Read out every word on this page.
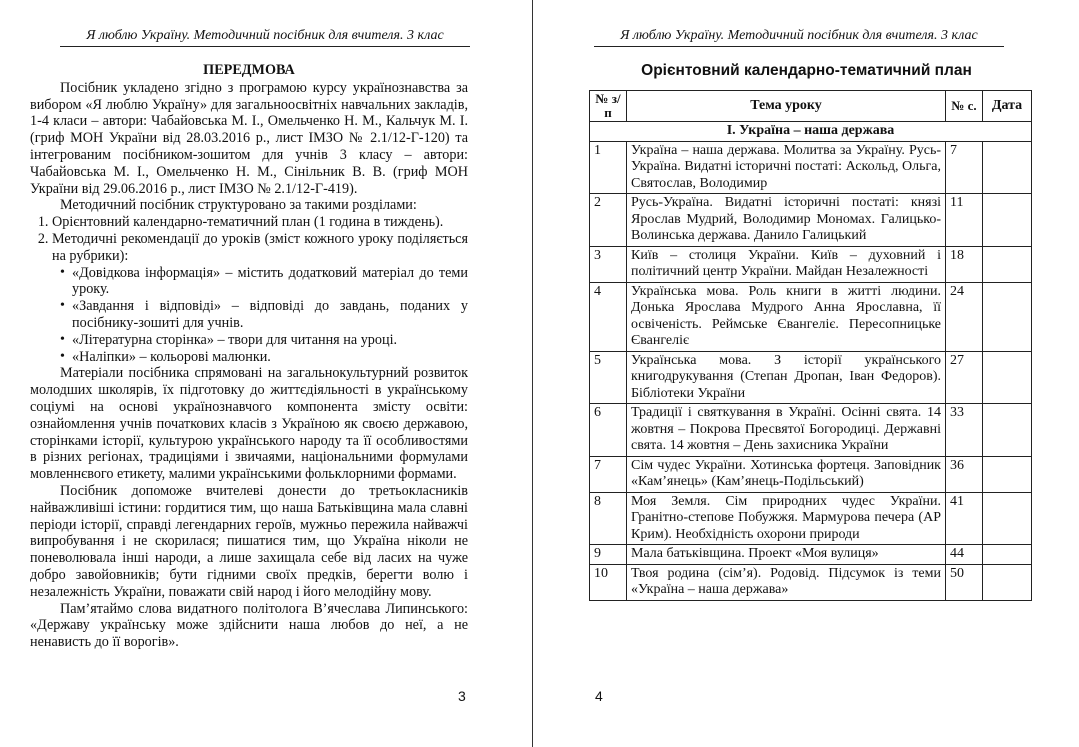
Я люблю Україну. Методичний посібник для вчителя. 3 клас

ПЕРЕДМОВА

Посібник укладено згідно з програмою курсу українознавства за вибором «Я люблю Україну» для загальноосвітніх навчальних закладів, 1-4 класи – автори: Чабайовська М. І., Омельченко Н. М., Кальчук М. І. (гриф МОН України від 28.03.2016 р., лист ІМЗО № 2.1/12-Г-120) та інтегрованим посібником-зошитом для учнів 3 класу – автори: Чабайовська М. І., Омельченко Н. М., Сінільник В. В. (гриф МОН України від 29.06.2016 р., лист ІМЗО № 2.1/12-Г-419).

Методичний посібник структуровано за такими розділами:

1. Орієнтовний календарно-тематичний план (1 година в тиждень).
2. Методичні рекомендації до уроків (зміст кожного уроку поділяється на рубрики):
• «Довідкова інформація» – містить додатковий матеріал до теми уроку.
• «Завдання і відповіді» – відповіді до завдань, поданих у посібнику-зошиті для учнів.
• «Літературна сторінка» – твори для читання на уроці.
• «Наліпки» – кольорові малюнки.

Матеріали посібника спрямовані на загальнокультурний розвиток молодших школярів, їх підготовку до життєдіяльності в українському соціумі на основі українознавчого компонента змісту освіти: ознайомлення учнів початкових класів з Україною як своєю державою, сторінками історії, культурою українського народу та її особливостями в різних регіонах, традиціями і звичаями, національними формулами мовленнєвого етикету, малими українськими фольклорними формами.

Посібник допоможе вчителеві донести до третьокласників найважливіші істини: гордитися тим, що наша Батьківщина мала славні періоди історії, справді легендарних героїв, мужньо пережила найважчі випробування і не скорилася; пишатися тим, що Україна ніколи не поневолювала інші народи, а лише захищала себе від ласих на чуже добро завойовників; бути гідними своїх предків, берегти волю і незалежність України, поважати свій народ і його мелодійну мову.

Пам’ятаймо слова видатного політолога В’ячеслава Липинського: «Державу українську може здійснити наша любов до неї, а не ненависть до її ворогів».

3
Я люблю Україну. Методичний посібник для вчителя. 3 клас
Орієнтовний календарно-тематичний план
№ з/п	Тема уроку	№ с.	Дата
І. Україна – наша держава			
1	Україна – наша держава. Молитва за Україну. Русь-Україна. Видатні історичні постаті: Аскольд, Ольга, Святослав, Володимир	7	
2	Русь-Україна. Видатні історичні постаті: князі Ярослав Мудрий, Володимир Мономах. Галицько-Волинська держава. Данило Галицький	11	
3	Київ – столиця України. Київ – духовний і політичний центр України. Майдан Незалежності	18	
4	Українська мова. Роль книги в житті людини. Донька Ярослава Мудрого Анна Ярославна, її освіченість. Реймське Євангеліє. Пересопницьке Євангеліє	24	
5	Українська мова. З історії українського книгодрукування (Степан Дропан, Іван Федоров). Бібліотеки України	27	
6	Традиції і святкування в Україні. Осінні свята. 14 жовтня – Покрова Пресвятої Богородиці. Державні свята. 14 жовтня – День захисника України	33	
7	Сім чудес України. Хотинська фортеця. Заповідник «Кам’янець» (Кам’янець-Подільський)	36	
8	Моя Земля. Сім природних чудес України. Гранітно-степове Побужжя. Мармурова печера (АР Крим). Необхідність охорони природи	41	
9	Мала батьківщина. Проект «Моя вулиця»	44	
10	Твоя родина (сім’я). Родовід. Підсумок із теми «Україна – наша держава»	50	
4
